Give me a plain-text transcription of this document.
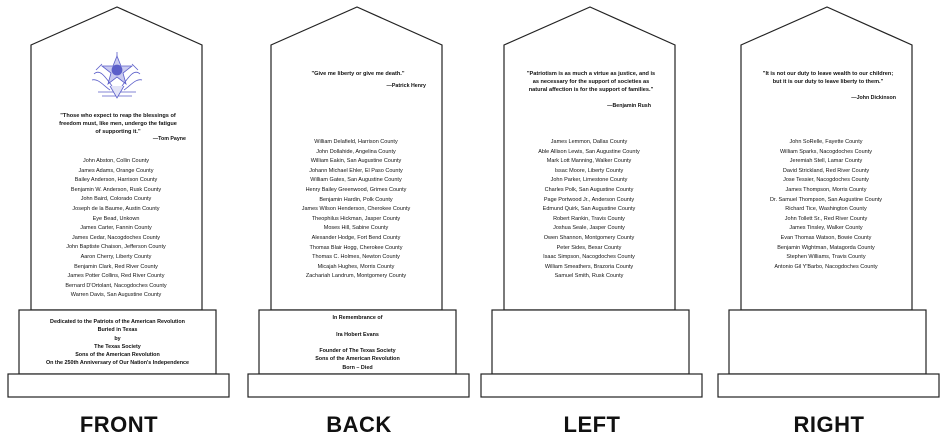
"Those who expect to reap the blessings of freedom must, like men, undergo the fatigue of supporting it."
—Tom Payne
John Abston, Collin County
James Adams, Orange County
Bailey Anderson, Harrison County
Benjamin W. Anderson, Rusk County
John Baird, Colorado County
Joseph de la Baume, Austin County
Eye Bead, Unkown
James Carter, Fannin County
James Cedar, Nacogdoches County
John Baptiste Chaison, Jefferson County
Aaron Cherry, Liberty County
Benjamin Clark, Red River County
James Potter Collins, Red River County
Bernard D'Ortolant, Nacogdoches County
Warren Davis, San Augustine County
Dedicated to the Patriots of the American Revolution
Buried in Texas
by
The Texas Society
Sons of the American Revolution
On the 250th Anniversary of Our Nation's Independence
FRONT
"Give me liberty or give me death."
—Patrick Henry
William Delafield, Harrison County
John Dollahide, Angelina County
William Eakin, San Augustine County
Johann Michael Ehler, El Paso County
William Gates, San Augustine County
Henry Bailey Greenwood, Grimes County
Benjamin Hardin, Polk County
James Wilson Henderson, Cherokee County
Theophilus Hickman, Jasper County
Moses Hill, Sabine County
Alexander Hodge, Fort Bend County
Thomas Blair Hogg, Cherokee County
Thomas C. Holmes, Newton County
Micajah Hughes, Morris County
Zachariah Landrum, Montgomery County
In Remembrance of
Ira Hobert Evans
Founder of The Texas Society
Sons of the American Revolution
Born – Died
BACK
"Patriotism is as much a virtue as justice, and is as necessary for the support of societies as natural affection is for the support of families."
—Benjamin Rush
James Lemmon, Dallas County
Able Allison Lewis, San Augustine County
Mark Lott Manning, Walker County
Issac Moore, Liberty County
John Parker, Limestone County
Charles Polk, San Augustine County
Page Portwood Jr., Anderson County
Edmund Quirk, San Augustine County
Robert Rankin, Travis County
Joshua Seale, Jasper County
Owen Shannon, Montgomery County
Peter Sides, Bexar County
Isaac Simpson, Nacogdoches County
William Smeathers, Brazoria County
Samuel Smith, Rusk County
LEFT
"It is not our duty to leave wealth to our children; but it is our duty to leave liberty to them."
—John Dickinson
John SoRelle, Fayette County
William Sparks, Nacogdoches County
Jeremiah Stell, Lamar County
David Strickland, Red River County
Jose Tessier, Nacogdoches County
James Thompson, Morris County
Dr. Samuel Thompson, San Augustine County
Richard Tice, Washington County
John Tollett Sr., Red River County
James Tinsley, Walker County
Evan Thomas Watson, Bowie County
Benjamin Wightman, Matagorda County
Stephen Williams, Travis County
Antonio Gil Y'Barbo, Nacogdoches County
RIGHT
